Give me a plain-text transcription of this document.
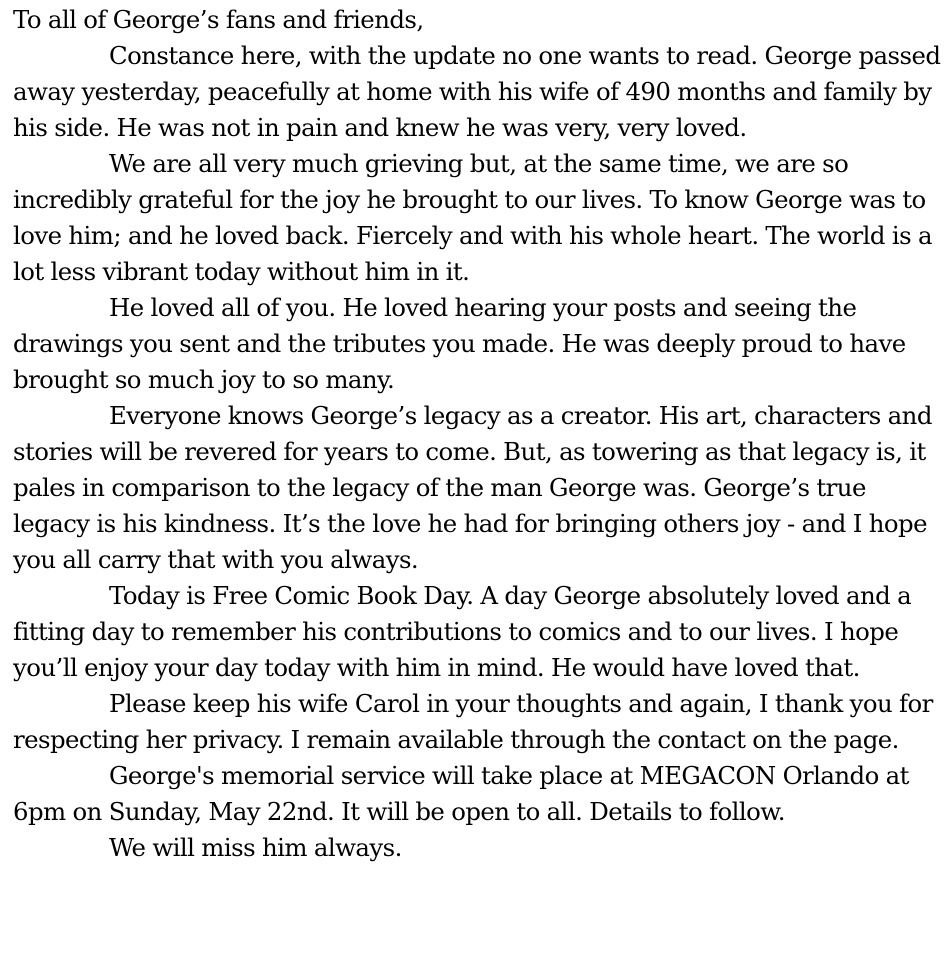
To all of George’s fans and friends,

Constance here, with the update no one wants to read. George passed away yesterday, peacefully at home with his wife of 490 months and family by his side. He was not in pain and knew he was very, very loved.

We are all very much grieving but, at the same time, we are so incredibly grateful for the joy he brought to our lives. To know George was to love him; and he loved back. Fiercely and with his whole heart. The world is a lot less vibrant today without him in it.

He loved all of you. He loved hearing your posts and seeing the drawings you sent and the tributes you made. He was deeply proud to have brought so much joy to so many.

Everyone knows George’s legacy as a creator. His art, characters and stories will be revered for years to come. But, as towering as that legacy is, it pales in comparison to the legacy of the man George was. George’s true legacy is his kindness. It’s the love he had for bringing others joy - and I hope you all carry that with you always.

Today is Free Comic Book Day. A day George absolutely loved and a fitting day to remember his contributions to comics and to our lives. I hope you’ll enjoy your day today with him in mind. He would have loved that.

Please keep his wife Carol in your thoughts and again, I thank you for respecting her privacy. I remain available through the contact on the page.

George's memorial service will take place at MEGACON Orlando at 6pm on Sunday, May 22nd. It will be open to all. Details to follow.

We will miss him always.
